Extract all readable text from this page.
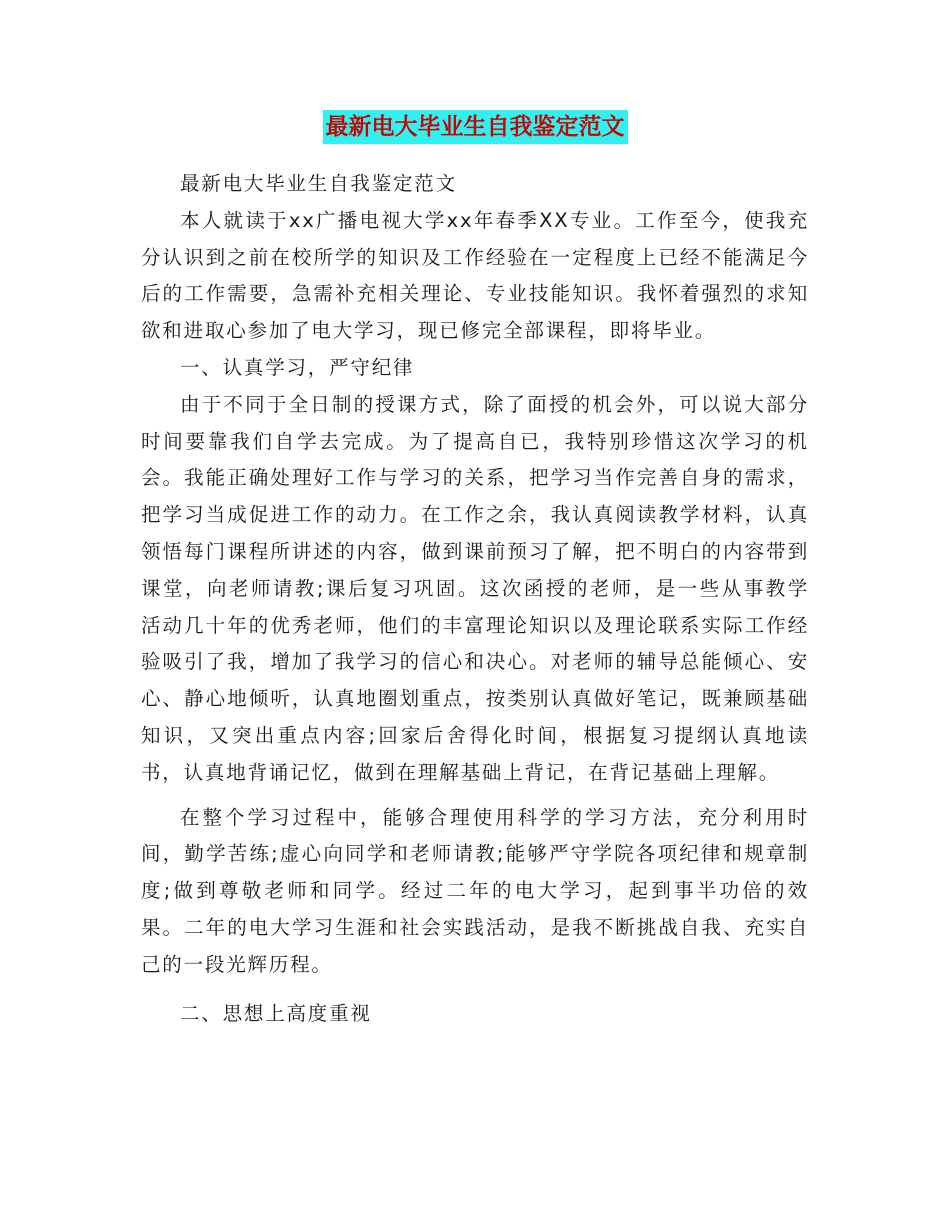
最新电大毕业生自我鉴定范文

最新电大毕业生自我鉴定范文

本人就读于xx广播电视大学xx年春季XX专业。工作至今，使我充分认识到之前在校所学的知识及工作经验在一定程度上已经不能满足今后的工作需要，急需补充相关理论、专业技能知识。我怀着强烈的求知欲和进取心参加了电大学习，现已修完全部课程，即将毕业。

一、认真学习，严守纪律

由于不同于全日制的授课方式，除了面授的机会外，可以说大部分时间要靠我们自学去完成。为了提高自已，我特别珍惜这次学习的机会。我能正确处理好工作与学习的关系，把学习当作完善自身的需求，把学习当成促进工作的动力。在工作之余，我认真阅读教学材料，认真领悟每门课程所讲述的内容，做到课前预习了解，把不明白的内容带到课堂，向老师请教;课后复习巩固。这次函授的老师，是一些从事教学活动几十年的优秀老师，他们的丰富理论知识以及理论联系实际工作经验吸引了我，增加了我学习的信心和决心。对老师的辅导总能倾心、安心、静心地倾听，认真地圈划重点，按类别认真做好笔记，既兼顾基础知识，又突出重点内容;回家后舍得化时间，根据复习提纲认真地读书，认真地背诵记忆，做到在理解基础上背记，在背记基础上理解。

在整个学习过程中，能够合理使用科学的学习方法，充分利用时间，勤学苦练;虚心向同学和老师请教;能够严守学院各项纪律和规章制度;做到尊敬老师和同学。经过二年的电大学习，起到事半功倍的效果。二年的电大学习生涯和社会实践活动，是我不断挑战自我、充实自己的一段光辉历程。

二、思想上高度重视
